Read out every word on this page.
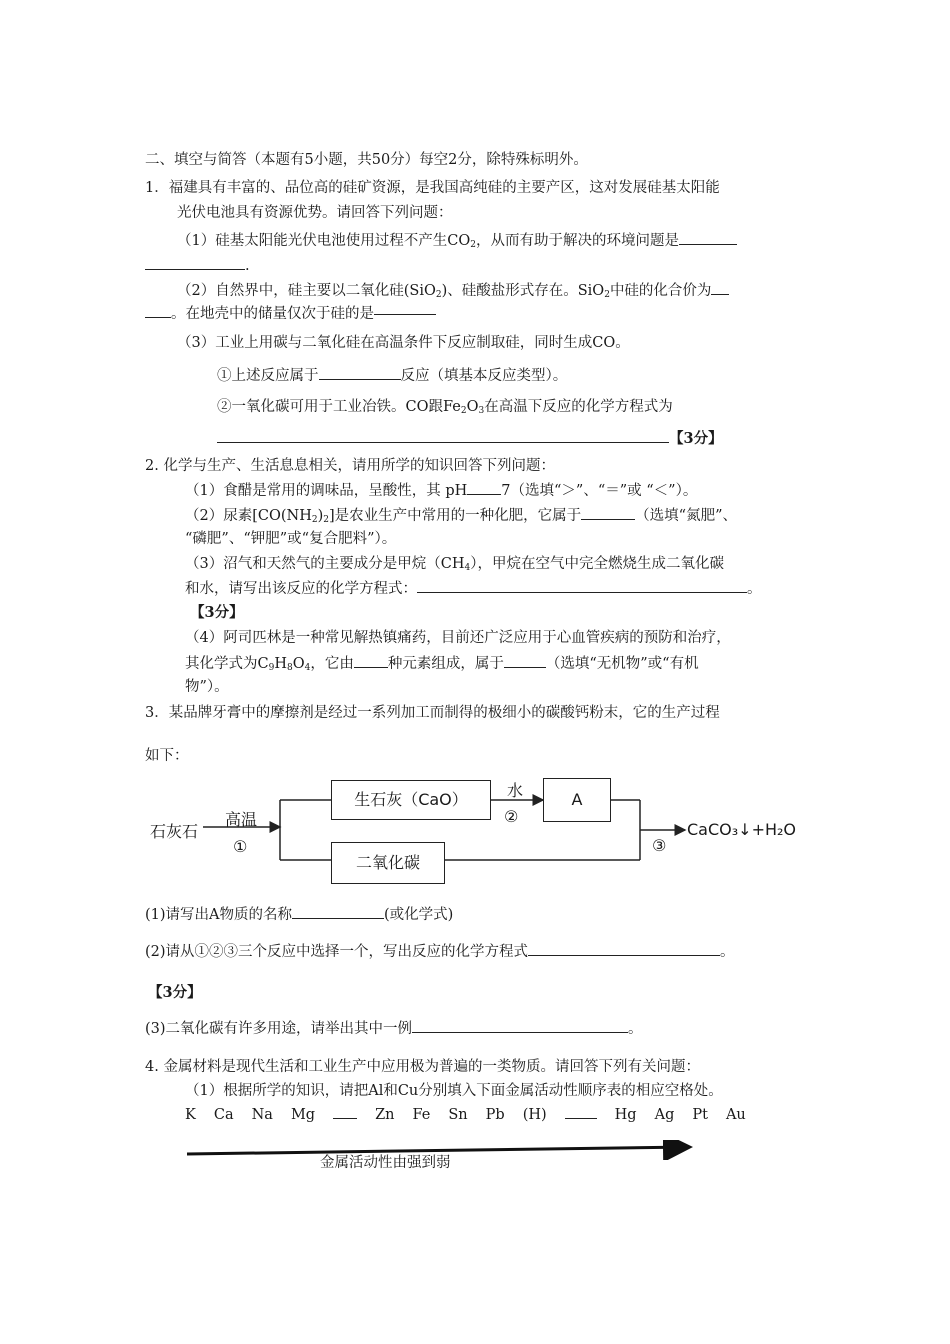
二、填空与简答（本题有5小题，共50分）每空2分，除特殊标明外。
1．福建具有丰富的、品位高的硅矿资源，是我国高纯硅的主要产区，这对发展硅基太阳能
光伏电池具有资源优势。请回答下列问题：
（1）硅基太阳能光伏电池使用过程不产生$CO_2$，从而有助于解决的环境问题是
.
（2）自然界中，硅主要以二氧化硅(SiO$_2$)、硅酸盐形式存在。SiO$_2$中硅的化合价为
。在地壳中的储量仅次于硅的是
（3）工业上用碳与二氧化硅在高温条件下反应制取硅，同时生成CO。
①上述反应属于	反应（填基本反应类型）。
②一氧化碳可用于工业冶铁。CO跟$Fe_2O_3$在高温下反应的化学方程式为
【3分】
2. 化学与生产、生活息息相关，请用所学的知识回答下列问题：
（1）食醋是常用的调味品，呈酸性，其 pH 7（选填“＞”、“＝”或 “＜”）。
（2）尿素$[CO(NH_2)_2]$是农业生产中常用的一种化肥，它属于	（选填“氮肥”、
“磷肥”、“钾肥”或“复合肥料”）。
（3）沼气和天然气的主要成分是甲烷$(CH_4)$，甲烷在空气中完全燃烧生成二氧化碳
和水，请写出该反应的化学方程式：	。
【3分】
（4）阿司匹林是一种常见解热镇痛药，目前还广泛应用于心血管疾病的预防和治疗，
其化学式为$C_9H_8O_4$，它由 种元素组成，属于	（选填“无机物”或“有机
物”）。
3．某品牌牙膏中的摩擦剂是经过一系列加工而制得的极细小的碳酸钙粉末，它的生产过程
如下：
石灰石
高温
①
生石灰（CaO）	水
②
A
二氧化碳
③
CaCO₃↓+H₂O
(1)请写出A物质的名称	(或化学式)
(2)请从①②③三个反应中选择一个，写出反应的化学方程式	。
【3分】
(3)二氧化碳有许多用途，请举出其中一例	。
4. 金属材料是现代生活和工业生产中应用极为普遍的一类物质。请回答下列有关问题：
（1）根据所学的知识，请把Al和Cu分别填入下面金属活动性顺序表的相应空格处。
K Ca Na Mg	Zn Fe Sn Pb (H)	Hg Ag Pt Au
金属活动性由强到弱
